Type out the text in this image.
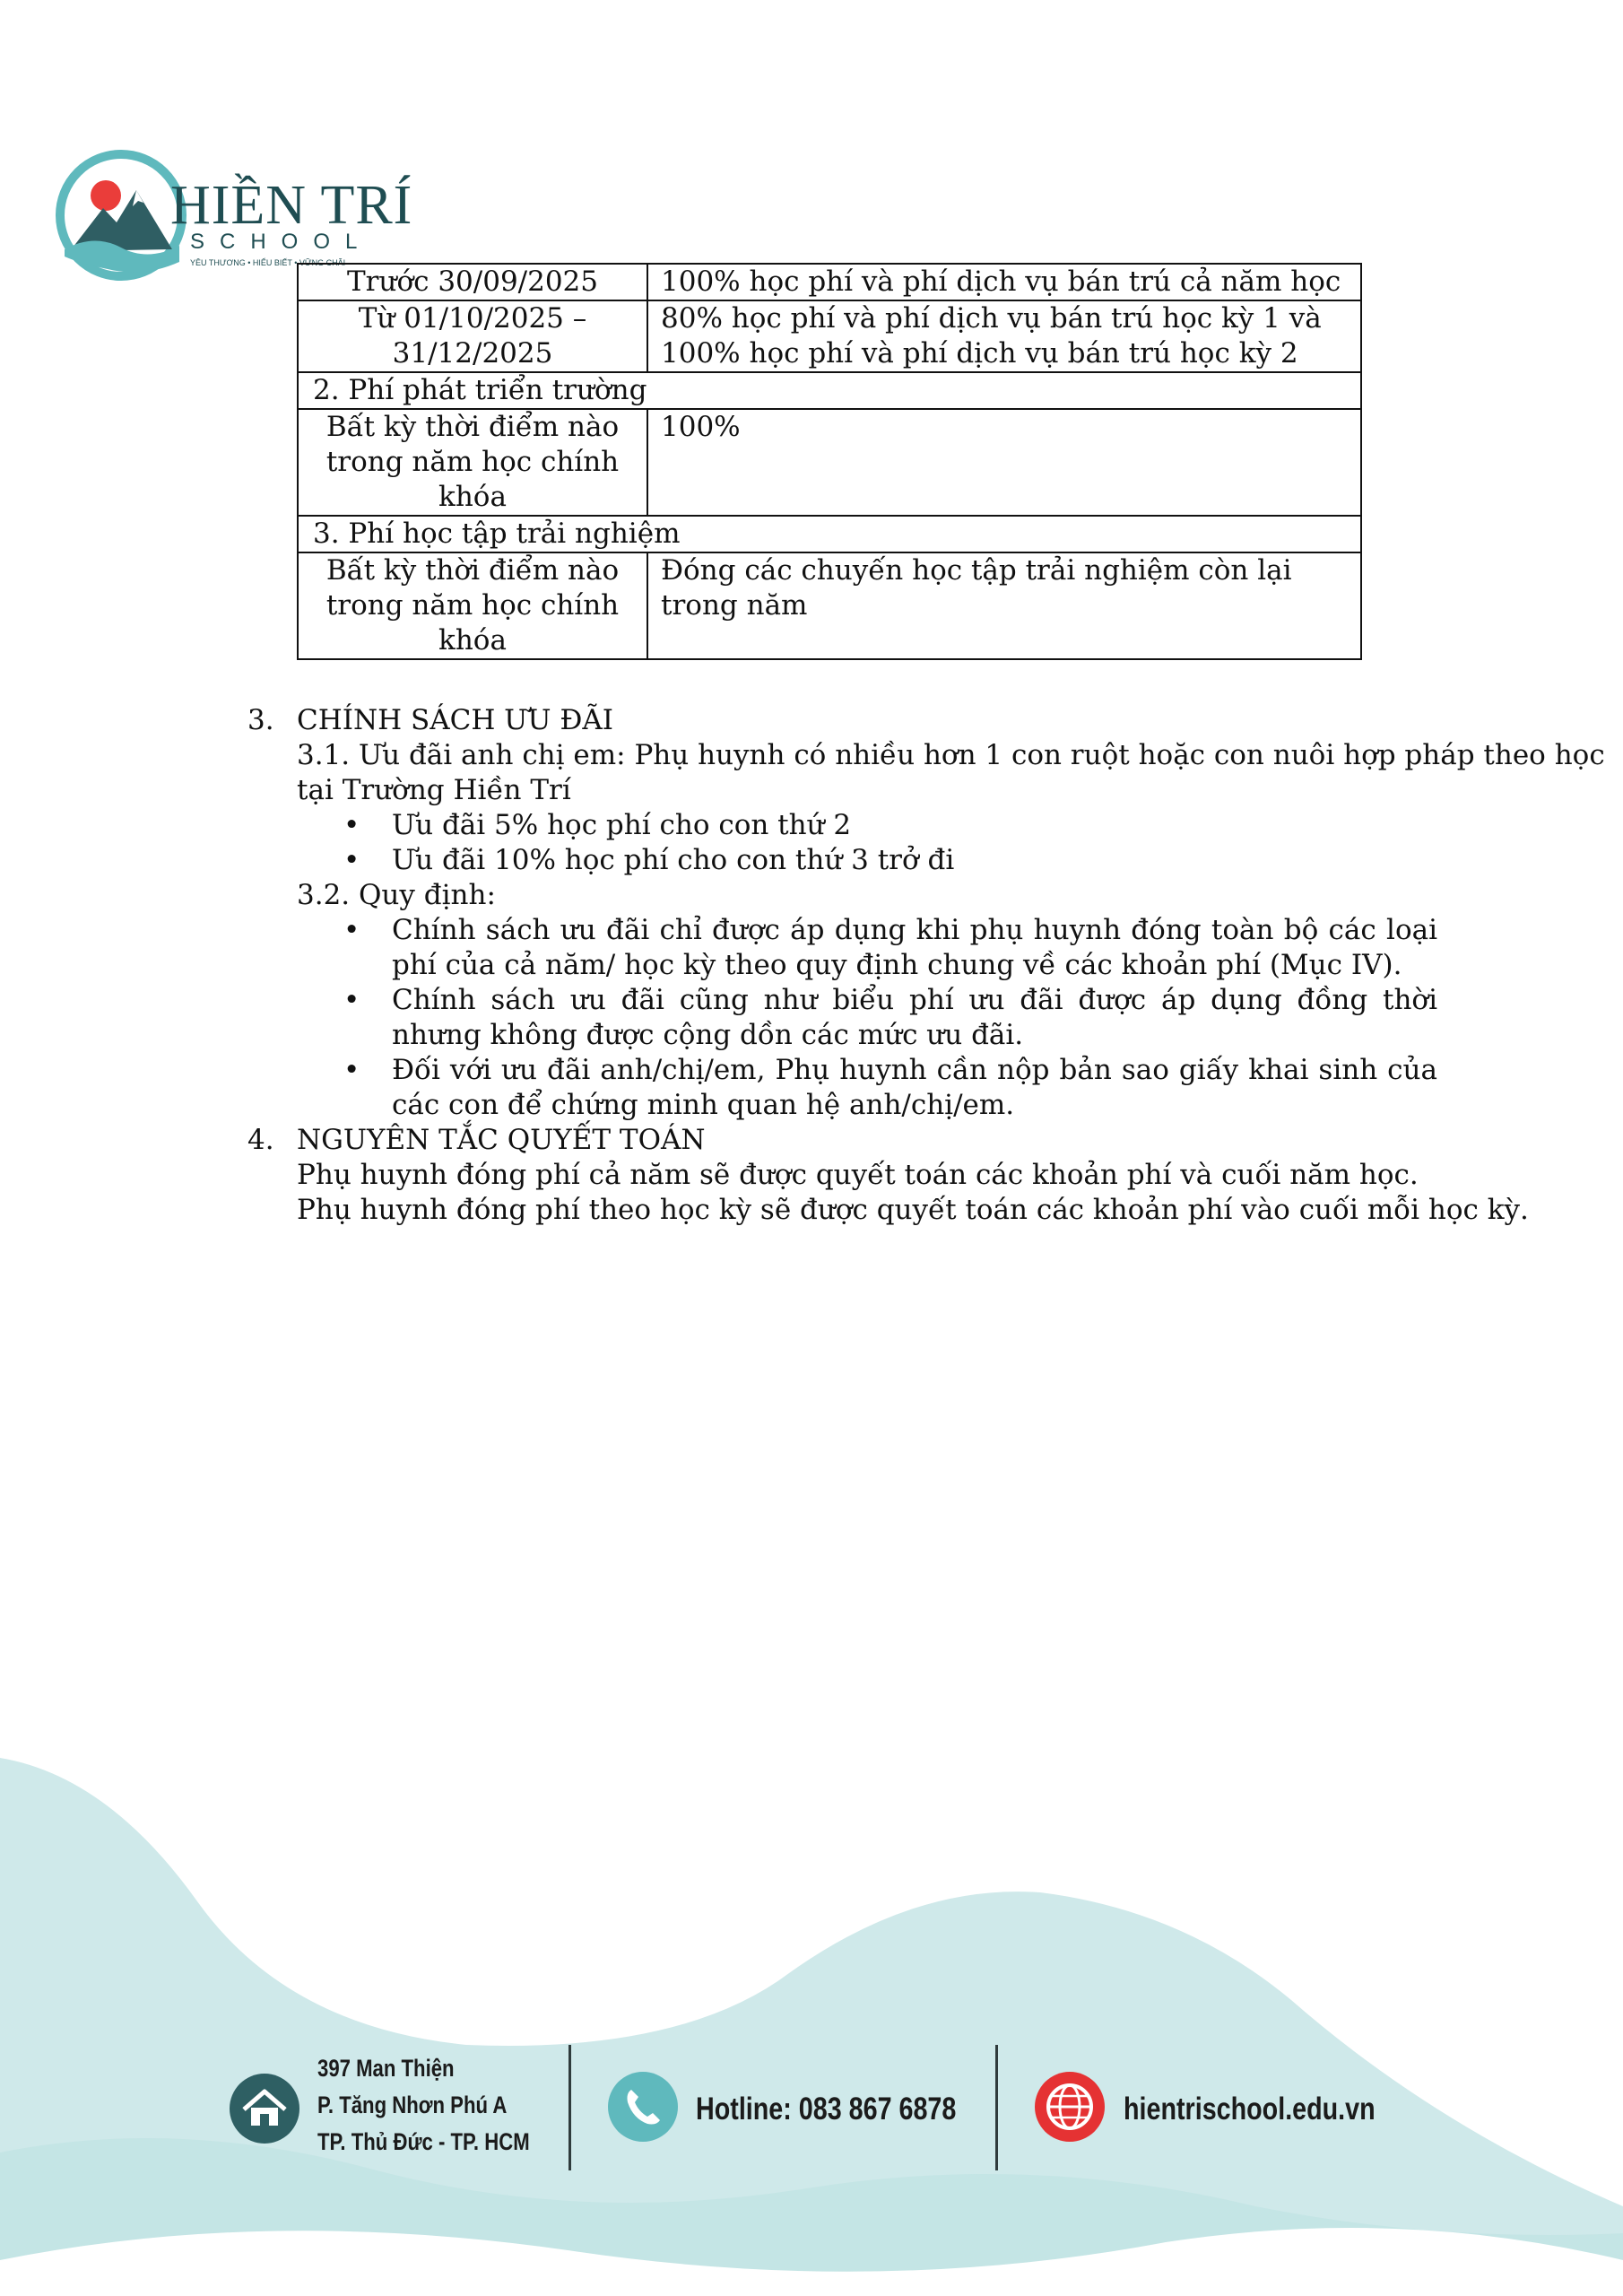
HIỀN TRÍ
SCHOOL
YÊU THƯƠNG • HIỂU BIẾT • VỮNG CHÃI
Trước 30/09/2025	100% học phí và phí dịch vụ bán trú cả năm học
Từ 01/10/2025 – 31/12/2025	80% học phí và phí dịch vụ bán trú học kỳ 1 và 100% học phí và phí dịch vụ bán trú học kỳ 2
2. Phí phát triển trường	
Bất kỳ thời điểm nào trong năm học chính khóa	100%
3. Phí học tập trải nghiệm	
Bất kỳ thời điểm nào trong năm học chính khóa	Đóng các chuyến học tập trải nghiệm còn lại trong năm
3. CHÍNH SÁCH ƯU ĐÃI
3.1. Ưu đãi anh chị em: Phụ huynh có nhiều hơn 1 con ruột hoặc con nuôi hợp pháp theo học
tại Trường Hiền Trí
• Ưu đãi 5% học phí cho con thứ 2
• Ưu đãi 10% học phí cho con thứ 3 trở đi
3.2. Quy định:
• Chính sách ưu đãi chỉ được áp dụng khi phụ huynh đóng toàn bộ các loại phí của cả năm/ học kỳ theo quy định chung về các khoản phí (Mục IV).
• Chính sách ưu đãi cũng như biểu phí ưu đãi được áp dụng đồng thời nhưng không được cộng dồn các mức ưu đãi.
• Đối với ưu đãi anh/chị/em, Phụ huynh cần nộp bản sao giấy khai sinh của các con để chứng minh quan hệ anh/chị/em.
4. NGUYÊN TẮC QUYẾT TOÁN
Phụ huynh đóng phí cả năm sẽ được quyết toán các khoản phí và cuối năm học.
Phụ huynh đóng phí theo học kỳ sẽ được quyết toán các khoản phí vào cuối mỗi học kỳ.
397 Man Thiện
P. Tăng Nhơn Phú A
TP. Thủ Đức - TP. HCM
Hotline: 083 867 6878	hientrischool.edu.vn
